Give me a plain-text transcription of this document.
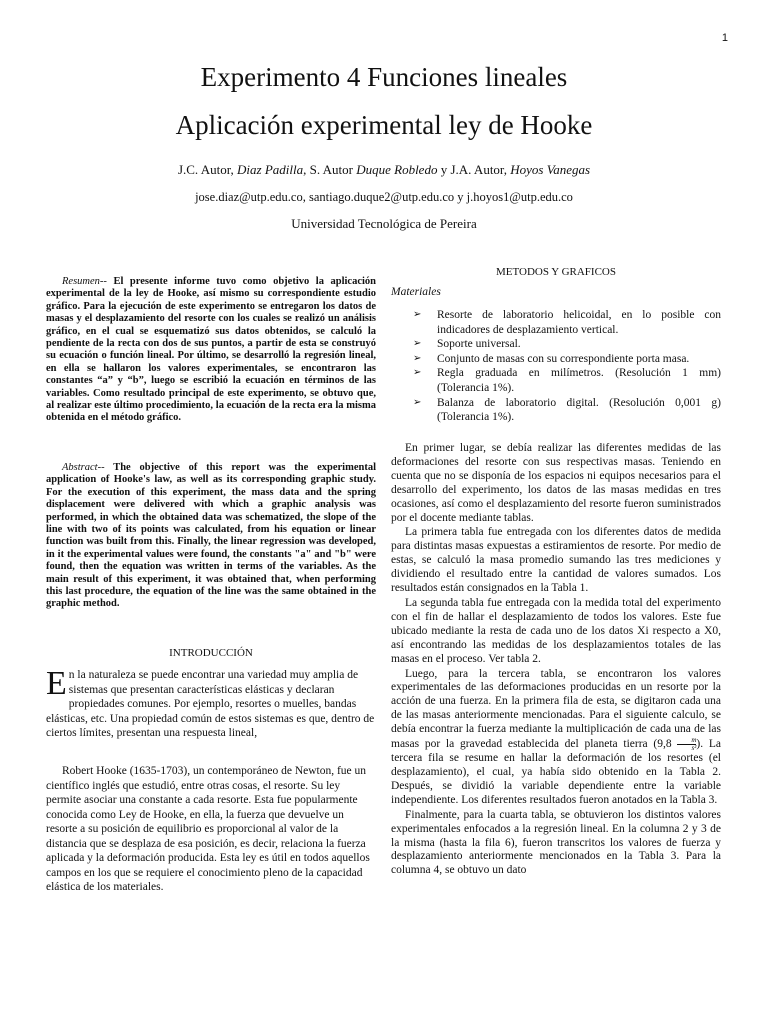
1
Experimento 4 Funciones lineales
Aplicación experimental ley de Hooke
J.C. Autor, Diaz Padilla, S. Autor Duque Robledo y J.A. Autor, Hoyos Vanegas
jose.diaz@utp.edu.co, santiago.duque2@utp.edu.co y j.hoyos1@utp.edu.co
Universidad Tecnológica de Pereira
Resumen-- El presente informe tuvo como objetivo la aplicación experimental de la ley de Hooke, así mismo su correspondiente estudio gráfico. Para la ejecución de este experimento se entregaron los datos de masas y el desplazamiento del resorte con los cuales se realizó un análisis gráfico, en el cual se esquematizó sus datos obtenidos, se calculó la pendiente de la recta con dos de sus puntos, a partir de esta se construyó su ecuación o función lineal. Por último, se desarrolló la regresión lineal, en ella se hallaron los valores experimentales, se encontraron las constantes “a” y “b”, luego se escribió la ecuación en términos de las variables. Como resultado principal de este experimento, se obtuvo que, al realizar este último procedimiento, la ecuación de la recta era la misma obtenida en el método gráfico.
Abstract-- The objective of this report was the experimental application of Hooke's law, as well as its corresponding graphic study. For the execution of this experiment, the mass data and the spring displacement were delivered with which a graphic analysis was performed, in which the obtained data was schematized, the slope of the line with two of its points was calculated, from his equation or linear function was built from this. Finally, the linear regression was developed, in it the experimental values were found, the constants "a" and "b" were found, then the equation was written in terms of the variables. As the main result of this experiment, it was obtained that, when performing this last procedure, the equation of the line was the same obtained in the graphic method.
INTRODUCCIÓN
En la naturaleza se puede encontrar una variedad muy amplia de sistemas que presentan características elásticas y declaran propiedades comunes. Por ejemplo, resortes o muelles, bandas elásticas, etc. Una propiedad común de estos sistemas es que, dentro de ciertos límites, presentan una respuesta lineal,
Robert Hooke (1635-1703), un contemporáneo de Newton, fue un científico inglés que estudió, entre otras cosas, el resorte. Su ley permite asociar una constante a cada resorte. Esta fue popularmente conocida como Ley de Hooke, en ella, la fuerza que devuelve un resorte a su posición de equilibrio es proporcional al valor de la distancia que se desplaza de esa posición, es decir, relaciona la fuerza aplicada y la deformación producida. Esta ley es útil en todos aquellos campos en los que se requiere el conocimiento pleno de la capacidad elástica de los materiales.
METODOS Y GRAFICOS
Materiales
➢ Resorte de laboratorio helicoidal, en lo posible con indicadores de desplazamiento vertical.
➢ Soporte universal.
➢ Conjunto de masas con su correspondiente porta masa.
➢ Regla graduada en milímetros. (Resolución 1 mm) (Tolerancia 1%).
➢ Balanza de laboratorio digital. (Resolución 0,001 g) (Tolerancia 1%).

En primer lugar, se debía realizar las diferentes medidas de las deformaciones del resorte con sus respectivas masas. Teniendo en cuenta que no se disponía de los espacios ni equipos necesarios para el desarrollo del experimento, los datos de las masas medidas en tres ocasiones, así como el desplazamiento del resorte fueron suministrados por el docente mediante tablas.

La primera tabla fue entregada con los diferentes datos de medida para distintas masas expuestas a estiramientos de resorte. Por medio de estas, se calculó la masa promedio sumando las tres mediciones y dividiendo el resultado entre la cantidad de valores sumados. Los resultados están consignados en la Tabla 1.

La segunda tabla fue entregada con la medida total del experimento con el fin de hallar el desplazamiento de todos los valores. Este fue ubicado mediante la resta de cada uno de los datos Xi respecto a X0, así encontrando las medidas de los desplazamientos totales de las masas en el proceso. Ver tabla 2.

Luego, para la tercera tabla, se encontraron los valores experimentales de las deformaciones producidas en un resorte por la acción de una fuerza. En la primera fila de esta, se digitaron cada una de las masas anteriormente mencionadas. Para el siguiente calculo, se debía encontrar la fuerza mediante la multiplicación de cada una de las masas por la gravedad establecida del planeta tierra ($9,8 \frac{m}{\text{s²}}$ ). La tercera fila se resume en hallar la deformación de los resortes (el desplazamiento), el cual, ya había sido obtenido en la Tabla 2. Después, se dividió la variable dependiente entre la variable independiente. Los diferentes resultados fueron anotados en la Tabla 3.

Finalmente, para la cuarta tabla, se obtuvieron los distintos valores experimentales enfocados a la regresión lineal. En la columna 2 y 3 de la misma (hasta la fila 6), fueron transcritos los valores de fuerza y desplazamiento anteriormente mencionados en la Tabla 3. Para la columna 4, se obtuvo un dato
